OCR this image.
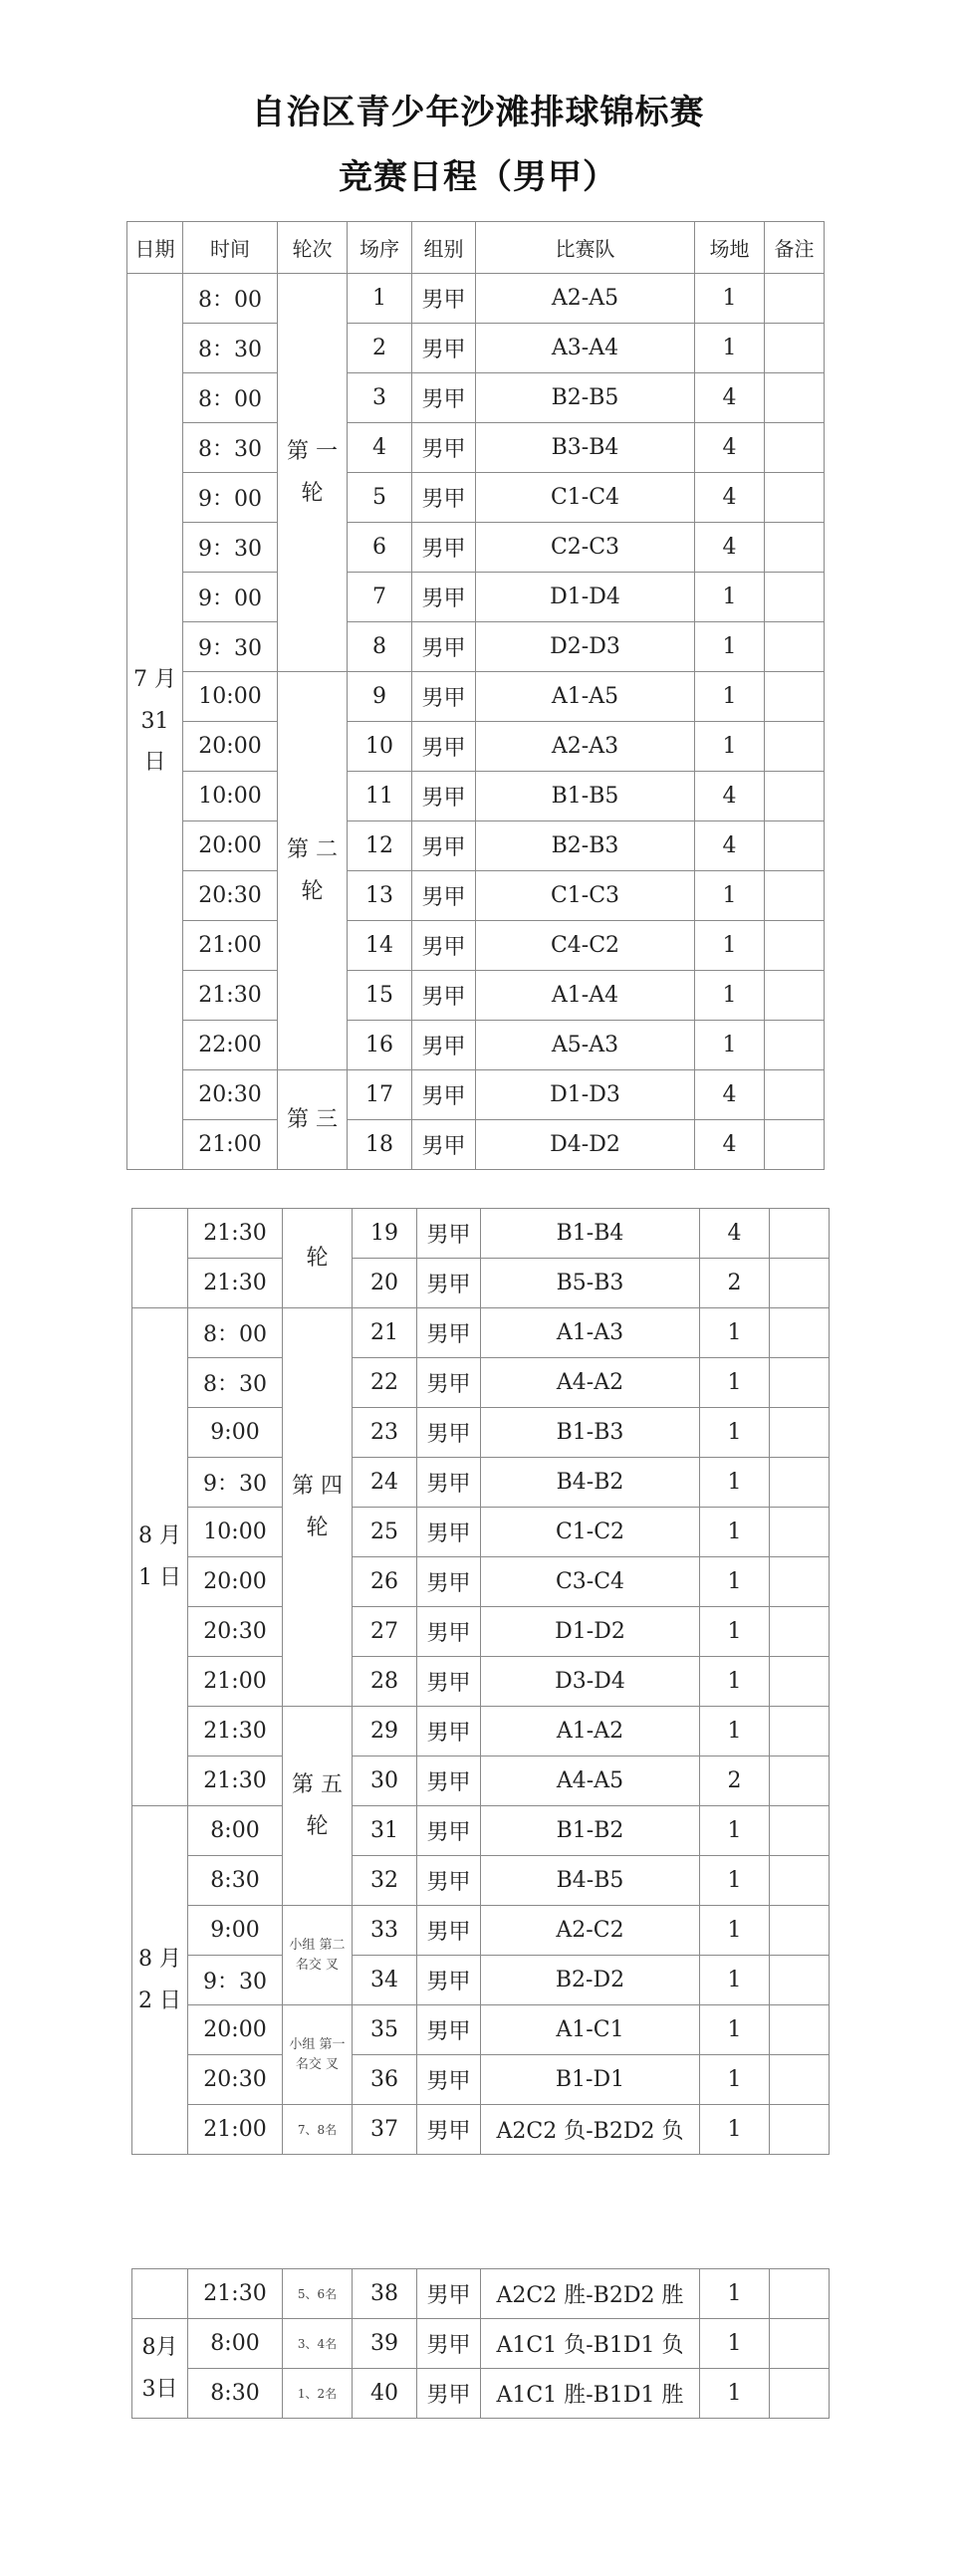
自治区青少年沙滩排球锦标赛
竞赛日程（男甲）
日期	时间	轮次	场序	组别	比赛队	场地	备注
7 月 31 日	8：00	第 一 轮	1	男甲	A2-A5	1	
	8：30		2	男甲	A3-A4	1	
	8：00		3	男甲	B2-B5	4	
	8：30		4	男甲	B3-B4	4	
	9：00		5	男甲	C1-C4	4	
	9：30		6	男甲	C2-C3	4	
	9：00		7	男甲	D1-D4	1	
	9：30		8	男甲	D2-D3	1	
	10:00	第 二 轮	9	男甲	A1-A5	1	
	20:00		10	男甲	A2-A3	1	
	10:00		11	男甲	B1-B5	4	
	20:00		12	男甲	B2-B3	4	
	20:30		13	男甲	C1-C3	1	
	21:00		14	男甲	C4-C2	1	
	21:30		15	男甲	A1-A4	1	
	22:00		16	男甲	A5-A3	1	
	20:30	第 三	17	男甲	D1-D3	4	
	21:00		18	男甲	D4-D2	4	
	21:30	轮	19	男甲	B1-B4	4	
	21:30		20	男甲	B5-B3	2	
8 月 1 日	8：00	第 四 轮	21	男甲	A1-A3	1	
	8：30		22	男甲	A4-A2	1	
	9:00		23	男甲	B1-B3	1	
	9：30		24	男甲	B4-B2	1	
	10:00		25	男甲	C1-C2	1	
	20:00		26	男甲	C3-C4	1	
	20:30		27	男甲	D1-D2	1	
	21:00		28	男甲	D3-D4	1	
	21:30	第 五 轮	29	男甲	A1-A2	1	
	21:30		30	男甲	A4-A5	2	
8 月 2 日	8:00		31	男甲	B1-B2	1	
	8:30		32	男甲	B4-B5	1	
	9:00	小组 第二 名交 叉	33	男甲	A2-C2	1	
	9：30		34	男甲	B2-D2	1	
	20:00	小组 第一 名交 叉	35	男甲	A1-C1	1	
	20:30		36	男甲	B1-D1	1	
	21:00	7、8名	37	男甲	A2C2 负-B2D2 负	1	
	21:30	5、6名	38	男甲	A2C2 胜-B2D2 胜	1	
8月 3日	8:00	3、4名	39	男甲	A1C1 负-B1D1 负	1	
	8:30	1、2名	40	男甲	A1C1 胜-B1D1 胜	1	
